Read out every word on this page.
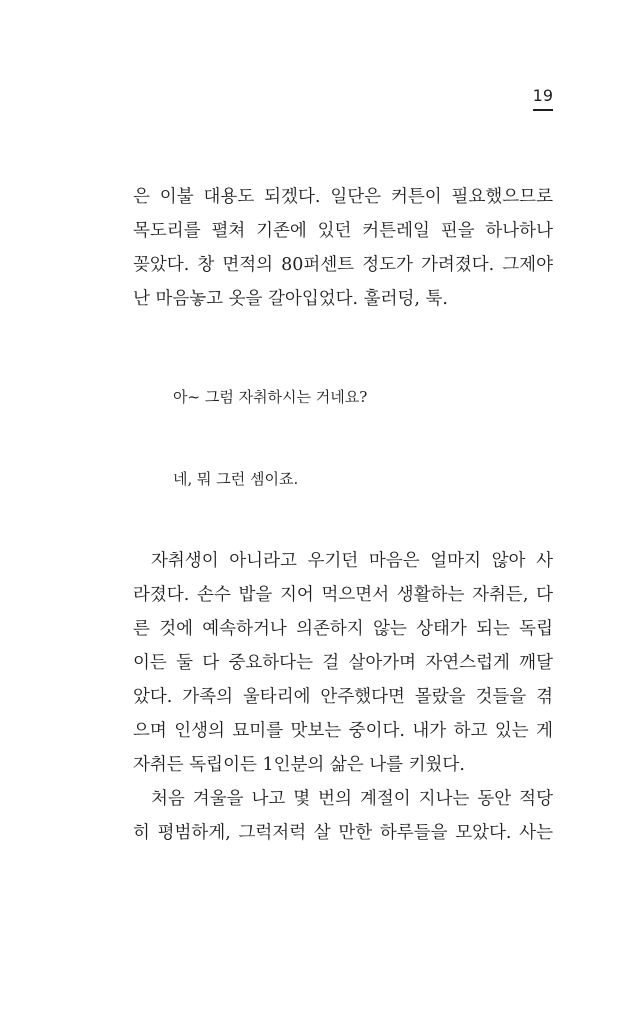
19
은 이불 대용도 되겠다. 일단은 커튼이 필요했으므로
목도리를 펼쳐 기존에 있던 커튼레일 핀을 하나하나
꽂았다. 창 면적의 80퍼센트 정도가 가려졌다. 그제야
난 마음놓고 옷을 갈아입었다. 훌러덩, 툭.
아~ 그럼 자취하시는 거네요?
네, 뭐 그런 셈이죠.
자취생이 아니라고 우기던 마음은 얼마지 않아 사
라졌다. 손수 밥을 지어 먹으면서 생활하는 자취든, 다
른 것에 예속하거나 의존하지 않는 상태가 되는 독립
이든 둘 다 중요하다는 걸 살아가며 자연스럽게 깨달
았다. 가족의 울타리에 안주했다면 몰랐을 것들을 겪
으며 인생의 묘미를 맛보는 중이다. 내가 하고 있는 게
자취든 독립이든 1인분의 삶은 나를 키웠다.
처음 겨울을 나고 몇 번의 계절이 지나는 동안 적당
히 평범하게, 그럭저럭 살 만한 하루들을 모았다. 사는
